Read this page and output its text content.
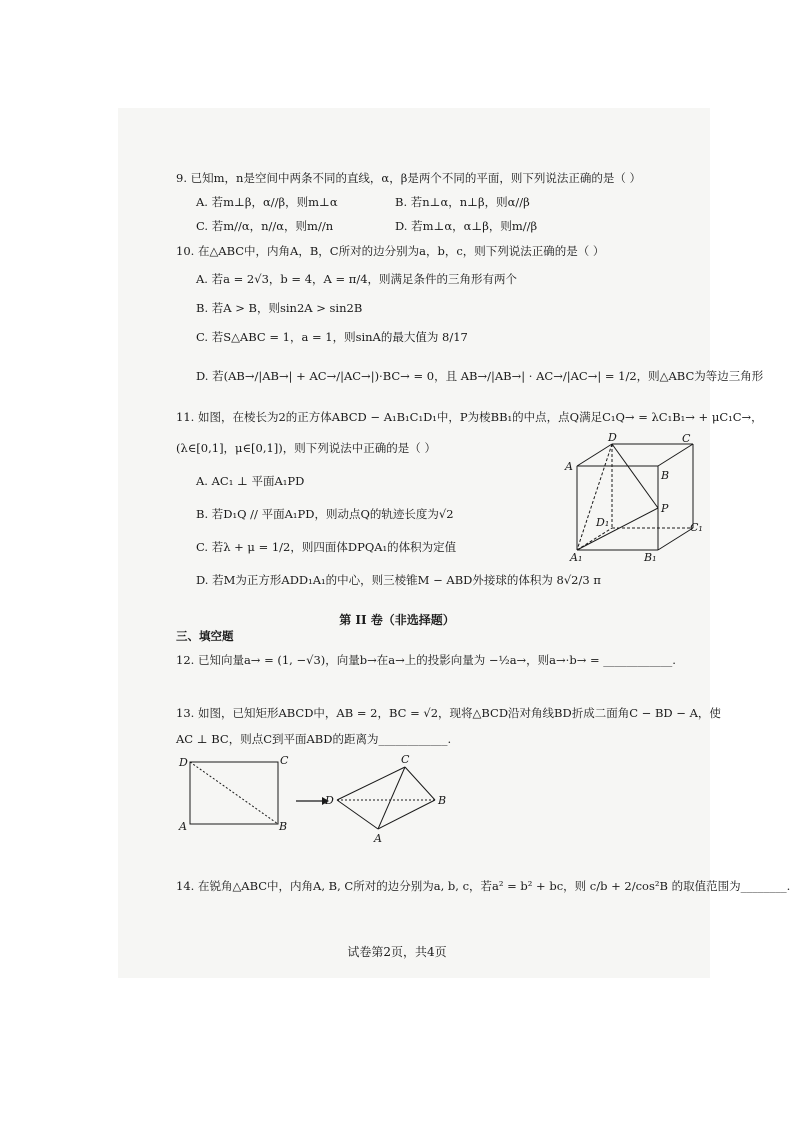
9. 已知m，n是空间中两条不同的直线，α，β是两个不同的平面，则下列说法正确的是（ ）
A. 若m⊥β，α//β，则m⊥α	B. 若n⊥α，n⊥β，则α//β
C. 若m//α，n//α，则m//n	D. 若m⊥α，α⊥β，则m//β
10. 在△ABC中，内角A，B，C所对的边分别为a，b，c，则下列说法正确的是（ ）
A. 若a = 2√3，b = 4，A = π/4，则满足条件的三角形有两个
B. 若A > B，则sin2A > sin2B
C. 若S△ABC = 1，a = 1，则sinA的最大值为 8/17
D. 若(AB→/|AB→| + AC→/|AC→|)·BC→ = 0，且 AB→/|AB→| · AC→/|AC→| = 1/2，则△ABC为等边三角形
11. 如图，在棱长为2的正方体ABCD − A₁B₁C₁D₁中，P为棱BB₁的中点，点Q满足C₁Q→ = λC₁B₁→ + μC₁C→，
(λ∈[0,1]，μ∈[0,1])，则下列说法中正确的是（ ）
A. AC₁ ⊥ 平面A₁PD
B. 若D₁Q // 平面A₁PD，则动点Q的轨迹长度为√2
C. 若λ + μ = 1/2，则四面体DPQA₁的体积为定值
D. 若M为正方形ADD₁A₁的中心，则三棱锥M − ABD外接球的体积为 8√2/3 π
D	C
A
B
P
D₁	C₁
A₁	B₁
第 II 卷（非选择题）
三、填空题
12. 已知向量a→ = (1, −√3)，向量b→在a→上的投影向量为 −½a→，则a→·b→ = ____________.
13. 如图，已知矩形ABCD中，AB = 2，BC = √2，现将△BCD沿对角线BD折成二面角C − BD − A，使
AC ⊥ BC，则点C到平面ABD的距离为____________.
D	C
A	B
C
D	B
A
14. 在锐角△ABC中，内角A, B, C所对的边分别为a, b, c，若a² = b² + bc，则 c/b + 2/cos²B 的取值范围为________.
试卷第2页，共4页
